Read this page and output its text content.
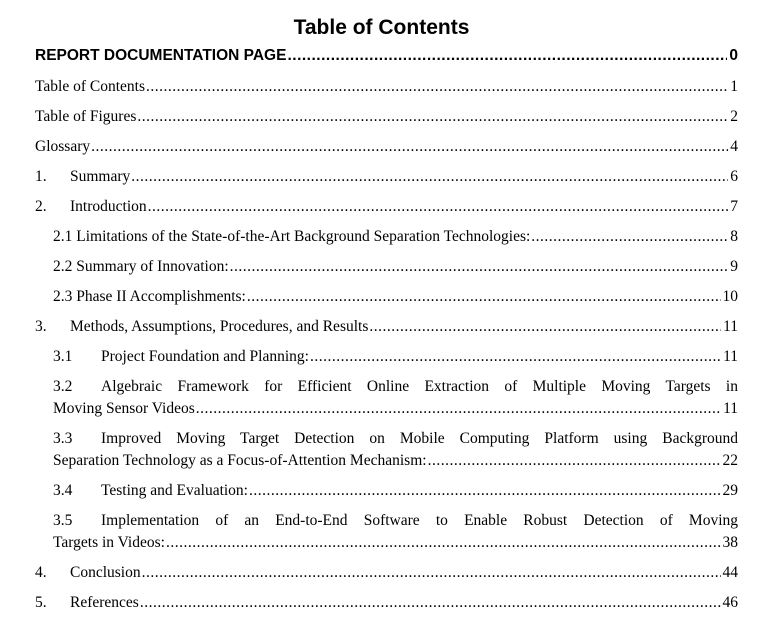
Table of Contents
REPORT DOCUMENTATION PAGE .....	0
Table of Contents .....	1
Table of Figures .....	2
Glossary .....	4
1.	Summary .....	6
2.	Introduction .....	7
2.1 Limitations of the State-of-the-Art Background Separation Technologies: .....	8
2.2 Summary of Innovation: .....	9
2.3 Phase II Accomplishments: .....	10
3.	Methods, Assumptions, Procedures, and Results .....	11
3.1	Project Foundation and Planning: .....	11
3.2	Algebraic Framework for Efficient Online Extraction of Multiple Moving Targets in
Moving Sensor Videos .....	11
3.3	Improved Moving Target Detection on Mobile Computing Platform using Background
Separation Technology as a Focus-of-Attention Mechanism: .....	22
3.4	Testing and Evaluation: .....	29
3.5	Implementation of an End-to-End Software to Enable Robust Detection of Moving
Targets in Videos: .....	38
4.	Conclusion .....	44
5.	References .....	46
